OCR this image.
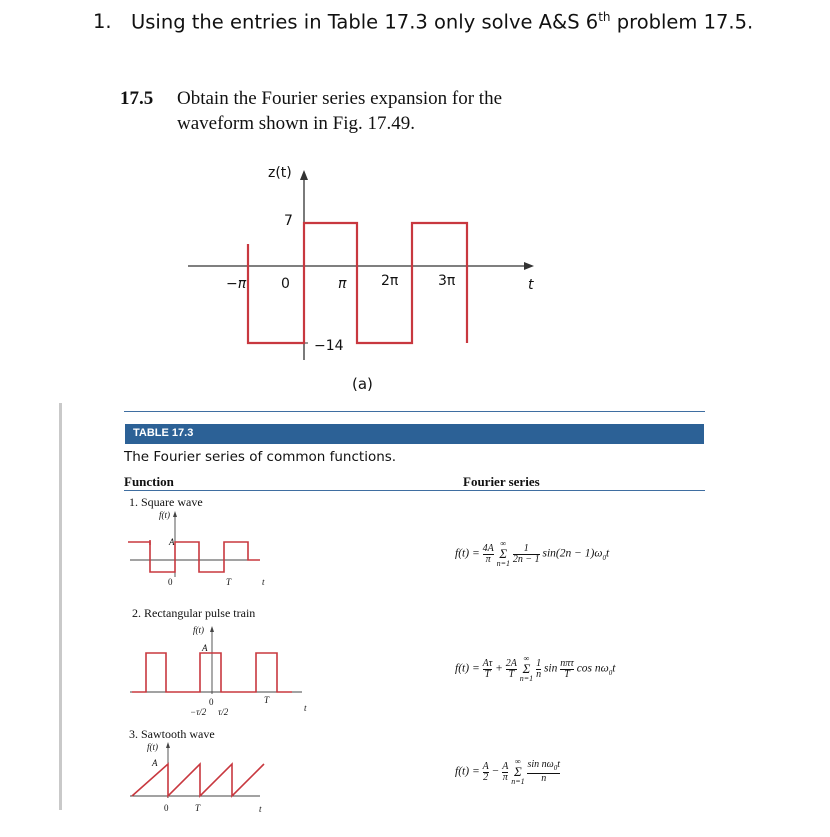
1. Using the entries in Table 17.3 only solve A&S 6th problem 17.5.
17.5 Obtain the Fourier series expansion for the waveform shown in Fig. 17.49.
z(t)
7
−π 0	π 2π	3π	t
−14
(a)
TABLE 17.3
The Fourier series of common functions.
Function	Fourier series
1. Square wave
f(t)
A
0	T	t
$f(t) = \frac{4A}{\pi}$ ∞
Σ
n=1
$\frac{1}{2n - 1} \sin(2n - 1)\omega_0t$
2. Rectangular pulse train
f(t)
A
0
−τ/2 τ/2
T
t
$f(t) = \frac{A\tau}{T} + \frac{2A}{T}$ ∞
Σ
n=1
$\frac{1}{n}$ sin nπτ
T $\cos n\omega_0t$
3. Sawtooth wave
f(t)
A
0	T	t
$f(t) = \frac{A}{2} - \frac{A}{\pi}$ ∞
Σ
n=1
$\frac{\sin n\omega_0t}{n}$
